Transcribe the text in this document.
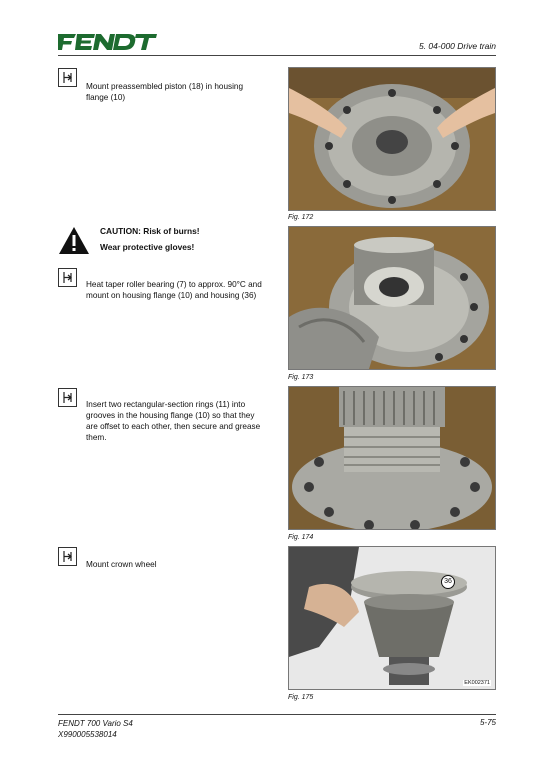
5. 04-000 Drive train
Mount preassembled piston (18) in housing flange (10)
Fig. 172
CAUTION: Risk of burns!
Wear protective gloves!
Heat taper roller bearing (7) to approx. 90°C and mount on housing flange (10) and housing (36)
Fig. 173
Insert two rectangular-section rings (11) into grooves in the housing flange (10) so that they are offset to each other, then secure and grease them.
Fig. 174
Mount crown wheel
36
EK002371
Fig. 175
FENDT 700 Vario S4
X990005538014
5-75
